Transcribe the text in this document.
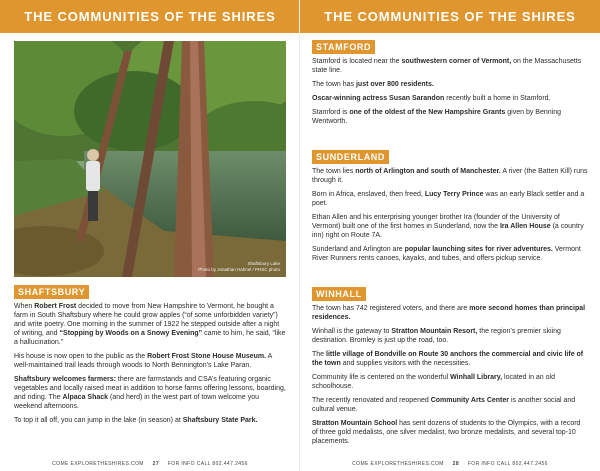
THE COMMUNITIES OF THE SHIRES
Shaftsbury Lake
Photo by Jonathan Hahnel / PHSC photo
SHAFTSBURY

When Robert Frost decided to move from New Hampshire to Vermont, he bought a farm in South Shaftsbury where he could grow apples (“of some unforbidden variety”) and write poetry. One morning in the summer of 1922 he stepped outside after a night of writing, and “Stopping by Woods on a Snowy Evening” came to him, he said, “like a hallucination.”

His house is now open to the public as the Robert Frost Stone House Museum. A well-maintained trail leads through woods to North Bennington’s Lake Paran.

Shaftsbury welcomes farmers: there are farmstands and CSA’s featuring organic vegetables and locally raised meat in addition to horse farms offering lessons, boarding, and riding. The Alpaca Shack (and herd) in the west part of town welcome you weekend afternoons.

To top it all off, you can jump in the lake (in season) at Shaftsbury State Park.

COME EXPLORETHESHIRES.COM 27 FOR INFO CALL 802.447.2456
THE COMMUNITIES OF THE SHIRES
STAMFORD

Stamford is located near the southwestern corner of Vermont, on the Massachusetts state line.

The town has just over 800 residents.

Oscar-winning actress Susan Sarandon recently built a home in Stamford.

Stamford is one of the oldest of the New Hampshire Grants given by Benning Wentworth.

SUNDERLAND

The town lies north of Arlington and south of Manchester. A river (the Batten Kill) runs through it.

Born in Africa, enslaved, then freed, Lucy Terry Prince was an early Black settler and a poet.

Ethan Allen and his enterprising younger brother Ira (founder of the University of Vermont) built one of the first homes in Sunderland, now the Ira Allen House (a country inn) right on Route 7A.

Sunderland and Arlington are popular launching sites for river adventures. Vermont River Runners rents canoes, kayaks, and tubes, and offers pickup service.

WINHALL

The town has 742 registered voters, and there are more second homes than principal residences.

Winhall is the gateway to Stratton Mountain Resort, the region’s premier skiing destination. Bromley is just up the road, too.

The little village of Bondville on Route 30 anchors the commercial and civic life of the town and supplies visitors with the necessities.

Community life is centered on the wonderful Winhall Library, located in an old schoolhouse.

The recently renovated and reopened Community Arts Center is another social and cultural venue.

Stratton Mountain School has sent dozens of students to the Olympics, with a record of three gold medalists, one silver medalist, two bronze medalists, and several top-10 placements.

COME EXPLORETHESHIRES.COM 28 FOR INFO CALL 802.447.2456
